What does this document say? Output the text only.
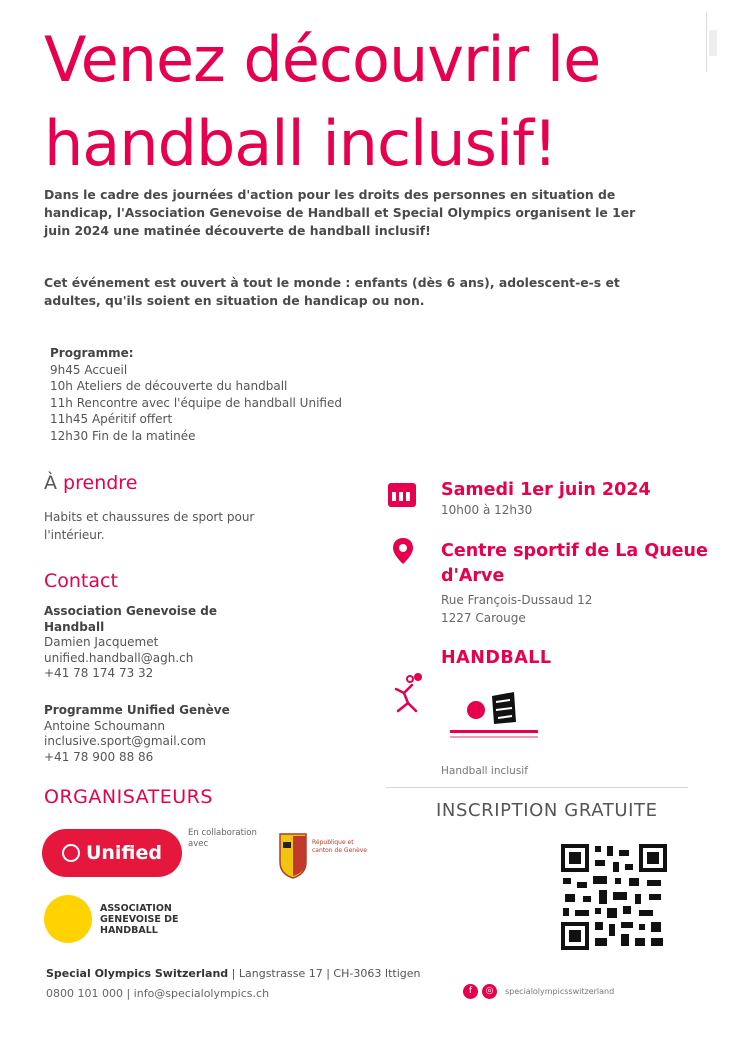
Venez découvrir le handball inclusif!

Dans le cadre des journées d'action pour les droits des personnes en situation de handicap, l'Association Genevoise de Handball et Special Olympics organisent le 1er juin 2024 une matinée découverte de handball inclusif!

Cet événement est ouvert à tout le monde : enfants (dès 6 ans), adolescent-e-s et adultes, qu'ils soient en situation de handicap ou non.

Programme:
9h45 Accueil
10h Ateliers de découverte du handball
11h Rencontre avec l'équipe de handball Unified
11h45 Apéritif offert
12h30 Fin de la matinée
À prendre

Habits et chaussures de sport pour l'intérieur.

Contact
Association Genevoise de Handball
Damien Jacquemet
unified.handball@agh.ch
+41 78 174 73 32
Programme Unified Genève
Antoine Schoumann
inclusive.sport@gmail.com
+41 78 900 88 86
ORGANISATEURS
Unified
En collaboration avec	République et canton de Genève
ASSOCIATION GENEVOISE DE HANDBALL
Special Olympics Switzerland | Langstrasse 17 | CH-3063 Ittigen
0800 101 000 | info@specialolympics.ch	f	◎	specialolympicsswitzerland
Samedi 1er juin 2024
10h00 à 12h30
Centre sportif de La Queue d'Arve
Rue François-Dussaud 12
1227 Carouge
HANDBALL
Handball inclusif
INSCRIPTION GRATUITE
